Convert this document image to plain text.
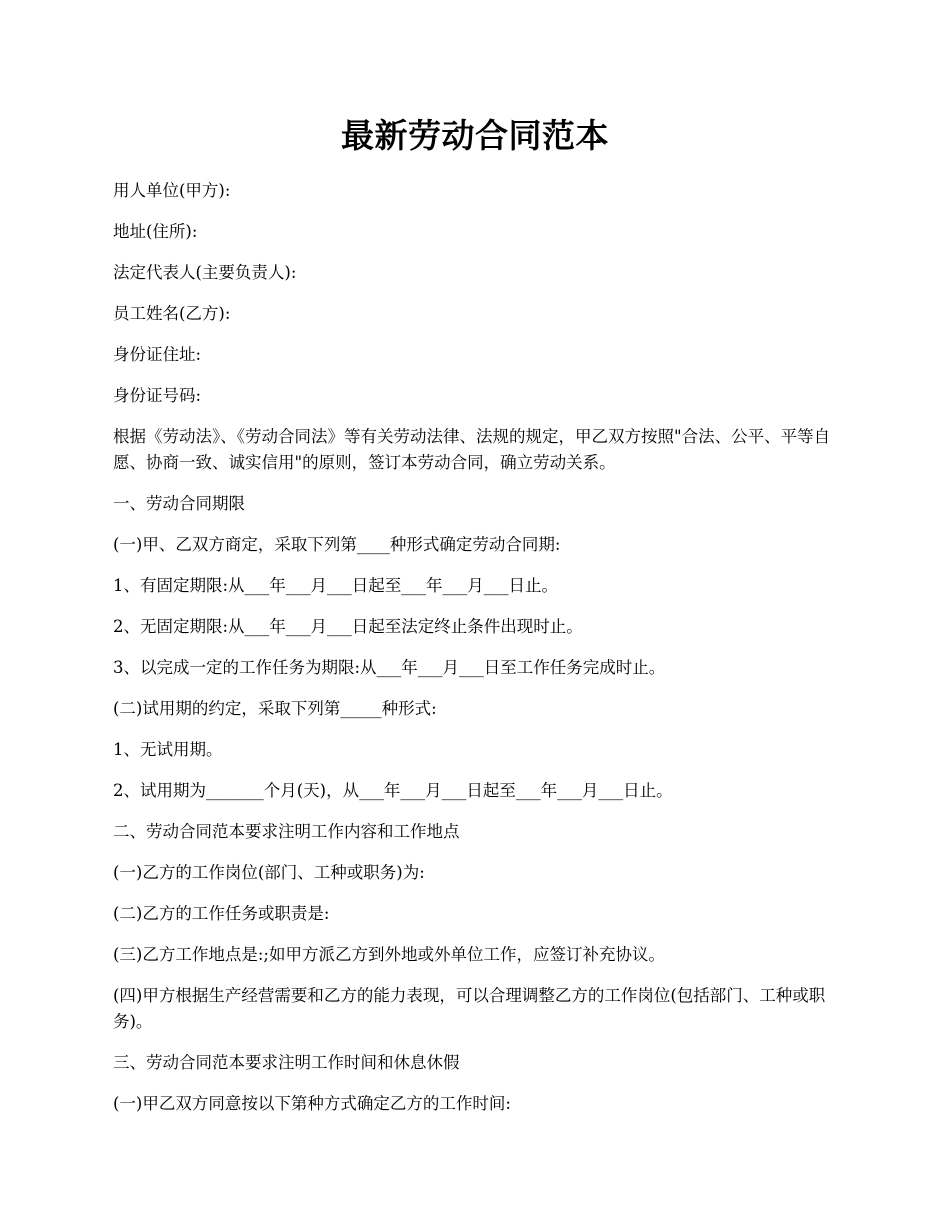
最新劳动合同范本

用人单位(甲方):

地址(住所):

法定代表人(主要负责人):

员工姓名(乙方):

身份证住址:

身份证号码:

根据《劳动法》、《劳动合同法》等有关劳动法律、法规的规定，甲乙双方按照"合法、公平、平等自愿、协商一致、诚实信用"的原则，签订本劳动合同，确立劳动关系。

一、劳动合同期限

(一)甲、乙双方商定，采取下列第____种形式确定劳动合同期:

1、有固定期限:从___年___月___日起至___年___月___日止。

2、无固定期限:从___年___月___日起至法定终止条件出现时止。

3、以完成一定的工作任务为期限:从___年___月___日至工作任务完成时止。

(二)试用期的约定，采取下列第_____种形式:

1、无试用期。

2、试用期为_______个月(天)，从___年___月___日起至___年___月___日止。

二、劳动合同范本要求注明工作内容和工作地点

(一)乙方的工作岗位(部门、工种或职务)为:

(二)乙方的工作任务或职责是:

(三)乙方工作地点是:;如甲方派乙方到外地或外单位工作，应签订补充协议。

(四)甲方根据生产经营需要和乙方的能力表现，可以合理调整乙方的工作岗位(包括部门、工种或职务)。

三、劳动合同范本要求注明工作时间和休息休假

(一)甲乙双方同意按以下第种方式确定乙方的工作时间:
